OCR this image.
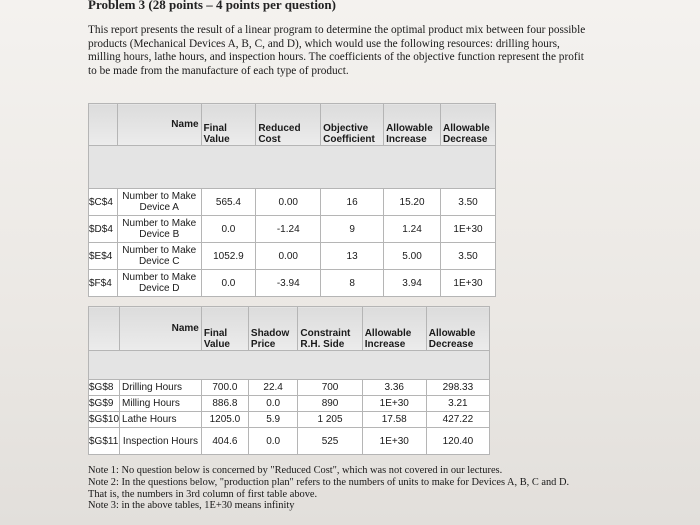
Problem 3 (28 points – 4 points per question)
This report presents the result of a linear program to determine the optimal product mix between four possible products (Mechanical Devices A, B, C, and D), which would use the following resources: drilling hours, milling hours, lathe hours, and inspection hours. The coefficients of the objective function represent the profit to be made from the manufacture of each type of product.
	Name	Final Value	Reduced Cost	Objective Coefficient	Allowable Increase	Allowable Decrease

$C$4	Number to Make Device A	565.4	0.00	16	15.20	3.50
$D$4	Number to Make Device B	0.0	-1.24	9	1.24	1E+30
$E$4	Number to Make Device C	1052.9	0.00	13	5.00	3.50
$F$4	Number to Make Device D	0.0	-3.94	8	3.94	1E+30
	Name	Final Value	Shadow Price	Constraint R.H. Side	Allowable Increase	Allowable Decrease

$G$8	Drilling Hours	700.0	22.4	700	3.36	298.33
$G$9	Milling Hours	886.8	0.0	890	1E+30	3.21
$G$10	Lathe Hours	1205.0	5.9	1 205	17.58	427.22
$G$11	Inspection Hours	404.6	0.0	525	1E+30	120.40
Note 1: No question below is concerned by "Reduced Cost", which was not covered in our lectures.
Note 2: In the questions below, "production plan" refers to the numbers of units to make for Devices A, B, C and D.
That is, the numbers in 3rd column of first table above.
Note 3: in the above tables, 1E+30 means infinity
